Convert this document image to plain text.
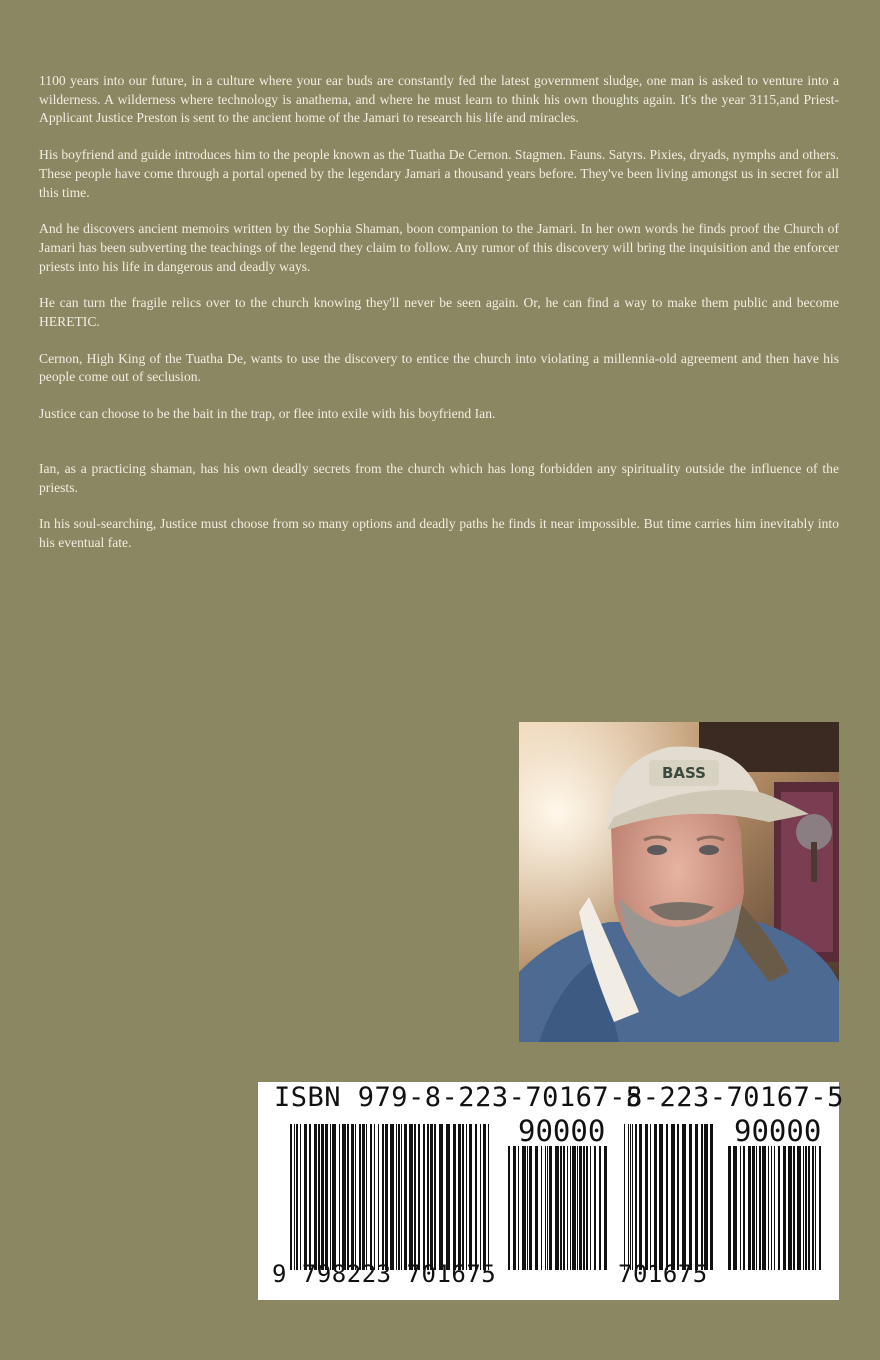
1100 years into our future, in a culture where your ear buds are constantly fed the latest government sludge, one man is asked to venture into a wilderness. A wilderness where technology is anathema, and where he must learn to think his own thoughts again. It's the year 3115,and Priest-Applicant Justice Preston is sent to the ancient home of the Jamari to research his life and miracles.

His boyfriend and guide introduces him to the people known as the Tuatha De Cernon. Stagmen. Fauns. Satyrs. Pixies, dryads, nymphs and others. These people have come through a portal opened by the legendary Jamari a thousand years before. They've been living amongst us in secret for all this time.

And he discovers ancient memoirs written by the Sophia Shaman, boon companion to the Jamari. In her own words he finds proof the Church of Jamari has been subverting the teachings of the legend they claim to follow. Any rumor of this discovery will bring the inquisition and the enforcer priests into his life in dangerous and deadly ways.

He can turn the fragile relics over to the church knowing they'll never be seen again. Or, he can find a way to make them public and become HERETIC.

Cernon, High King of the Tuatha De, wants to use the discovery to entice the church into violating a millennia-old agreement and then have his people come out of seclusion.

Justice can choose to be the bait in the trap, or flee into exile with his boyfriend Ian.

Ian, as a practicing shaman, has his own deadly secrets from the church which has long forbidden any spirituality outside the influence of the priests.

In his soul-searching, Justice must choose from so many options and deadly paths he finds it near impossible. But time carries him inevitably into his eventual fate.

BASS
ISBN 979-8-223-70167-5
8-223-70167-5
90000	90000
9 798223 701675	701675
